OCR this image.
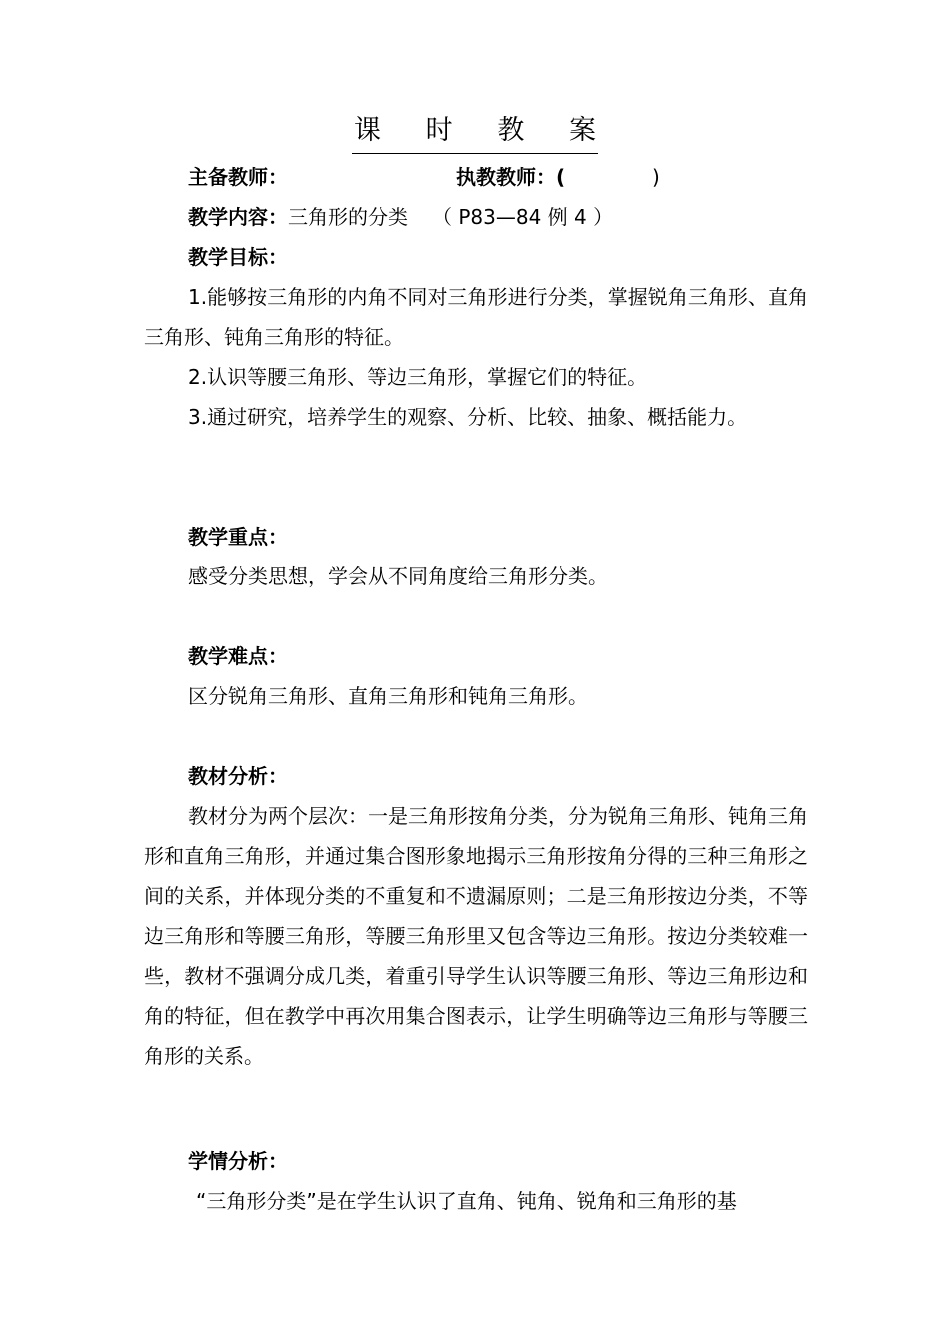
课 时 教 案
主备教师：	执教教师：(	)
教学内容：三角形的分类 （ P83—84 例 4 ）
教学目标：
1.能够按三角形的内角不同对三角形进行分类，掌握锐角三角形、直角三角形、钝角三角形的特征。
2.认识等腰三角形、等边三角形，掌握它们的特征。
3.通过研究，培养学生的观察、分析、比较、抽象、概括能力。
教学重点：
感受分类思想，学会从不同角度给三角形分类。
教学难点：
区分锐角三角形、直角三角形和钝角三角形。
教材分析：
教材分为两个层次：一是三角形按角分类，分为锐角三角形、钝角三角形和直角三角形，并通过集合图形象地揭示三角形按角分得的三种三角形之间的关系，并体现分类的不重复和不遗漏原则；二是三角形按边分类，不等边三角形和等腰三角形，等腰三角形里又包含等边三角形。按边分类较难一些，教材不强调分成几类，着重引导学生认识等腰三角形、等边三角形边和角的特征，但在教学中再次用集合图表示，让学生明确等边三角形与等腰三角形的关系。
学情分析：
“三角形分类”是在学生认识了直角、钝角、锐角和三角形的基
